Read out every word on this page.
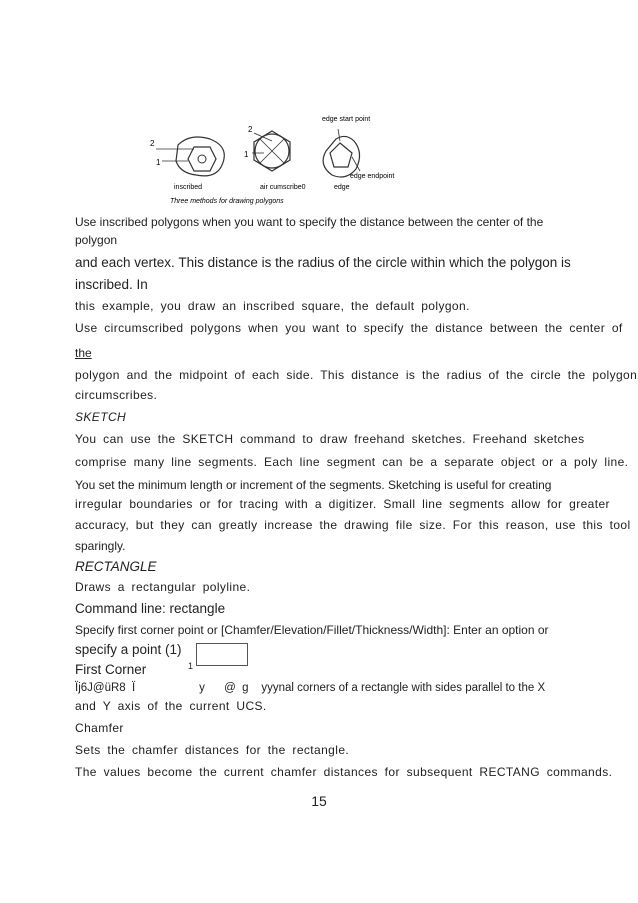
2
1
2
1
edge start point
edge endpoint
inscribed	air cumscribe0	edge
Three methods for drawing polygons
Use inscribed polygons when you want to specify the distance between the center of the
polygon
and each vertex. This distance is the radius of the circle within which the polygon is
inscribed. In
this example, you draw an inscribed square, the default polygon.
Use circumscribed polygons when you want to specify the distance between the center of
the
polygon and the midpoint of each side. This distance is the radius of the circle the polygon
circumscribes.
SKETCH
You can use the SKETCH command to draw freehand sketches. Freehand sketches
comprise many line segments. Each line segment can be a separate object or a poly line.
You set the minimum length or increment of the segments. Sketching is useful for creating
irregular boundaries or for tracing with a digitizer. Small line segments allow for greater
accuracy, but they can greatly increase the drawing file size. For this reason, use this tool
sparingly.
RECTANGLE
Draws a rectangular polyline.
Command line: rectangle
Specify first corner point or [Chamfer/Elevation/Fillet/Thickness/Width]: Enter an option or
specify a point (1)
First Corner	1
Ïj6J@üR8  Ï                    y      @  g    yyynal corners of a rectangle with sides parallel to the X
and Y axis of the current UCS.
Chamfer
Sets the chamfer distances for the rectangle.
The values become the current chamfer distances for subsequent RECTANG commands.
15
